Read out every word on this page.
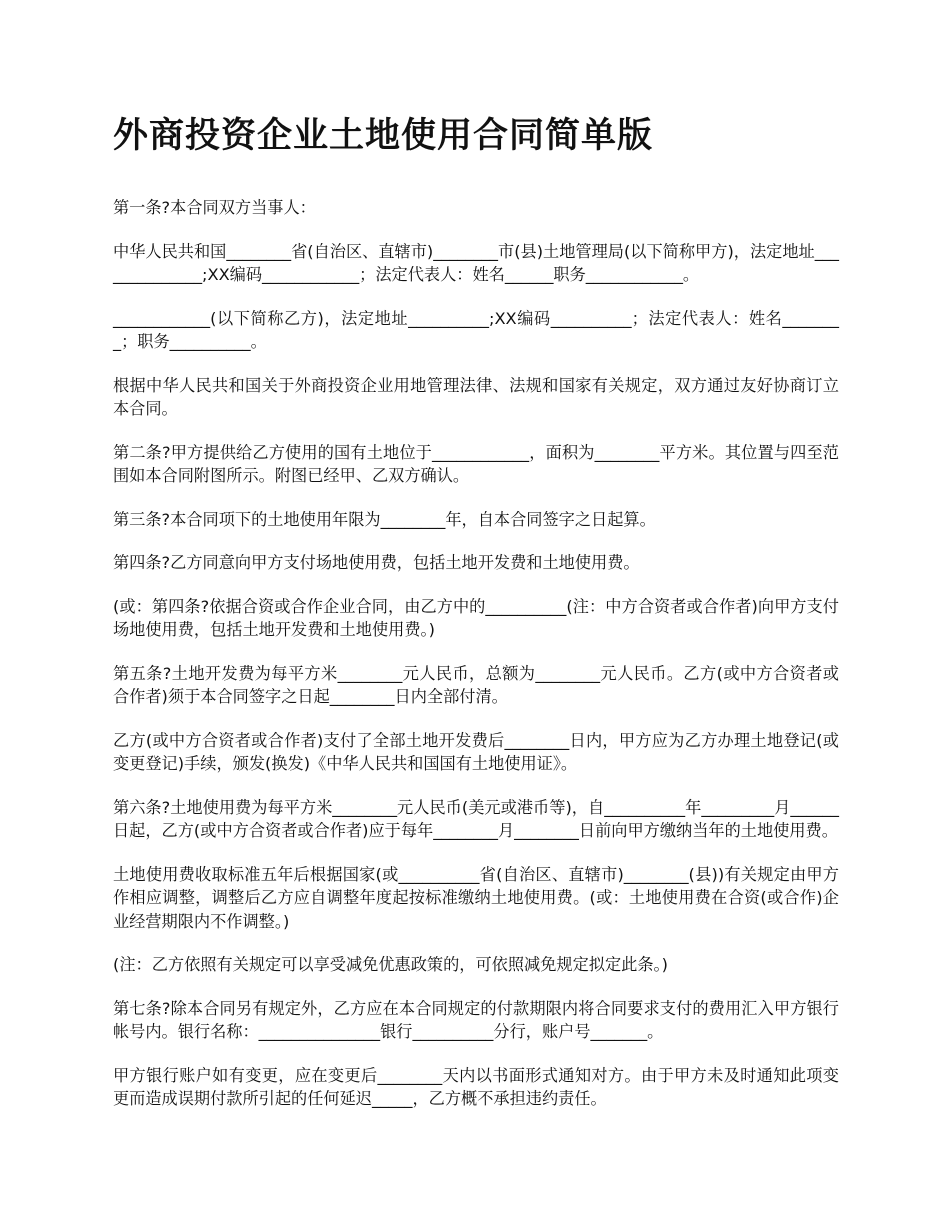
外商投资企业土地使用合同简单版

第一条?本合同双方当事人：

中华人民共和国________省(自治区、直辖市)________市(县)土地管理局(以下简称甲方)，法定地址______________;XX编码____________；法定代表人：姓名______职务____________。

____________(以下简称乙方)，法定地址__________;XX编码__________；法定代表人：姓名________；职务__________。

根据中华人民共和国关于外商投资企业用地管理法律、法规和国家有关规定，双方通过友好协商订立本合同。

第二条?甲方提供给乙方使用的国有土地位于____________，面积为________平方米。其位置与四至范围如本合同附图所示。附图已经甲、乙双方确认。

第三条?本合同项下的土地使用年限为________年，自本合同签字之日起算。

第四条?乙方同意向甲方支付场地使用费，包括土地开发费和土地使用费。

(或：第四条?依据合资或合作企业合同，由乙方中的__________(注：中方合资者或合作者)向甲方支付场地使用费，包括土地开发费和土地使用费。)

第五条?土地开发费为每平方米________元人民币，总额为________元人民币。乙方(或中方合资者或合作者)须于本合同签字之日起________日内全部付清。

乙方(或中方合资者或合作者)支付了全部土地开发费后________日内，甲方应为乙方办理土地登记(或变更登记)手续，颁发(换发)《中华人民共和国国有土地使用证》。

第六条?土地使用费为每平方米________元人民币(美元或港币等)，自__________年_________月______日起，乙方(或中方合资者或合作者)应于每年________月________日前向甲方缴纳当年的土地使用费。

土地使用费收取标准五年后根据国家(或__________省(自治区、直辖市)________(县))有关规定由甲方作相应调整，调整后乙方应自调整年度起按标准缴纳土地使用费。(或：土地使用费在合资(或合作)企业经营期限内不作调整。)

(注：乙方依照有关规定可以享受减免优惠政策的，可依照减免规定拟定此条。)

第七条?除本合同另有规定外，乙方应在本合同规定的付款期限内将合同要求支付的费用汇入甲方银行帐号内。银行名称：_______________银行__________分行，账户号_______。

甲方银行账户如有变更，应在变更后________天内以书面形式通知对方。由于甲方未及时通知此项变更而造成误期付款所引起的任何延迟_____，乙方概不承担违约责任。
